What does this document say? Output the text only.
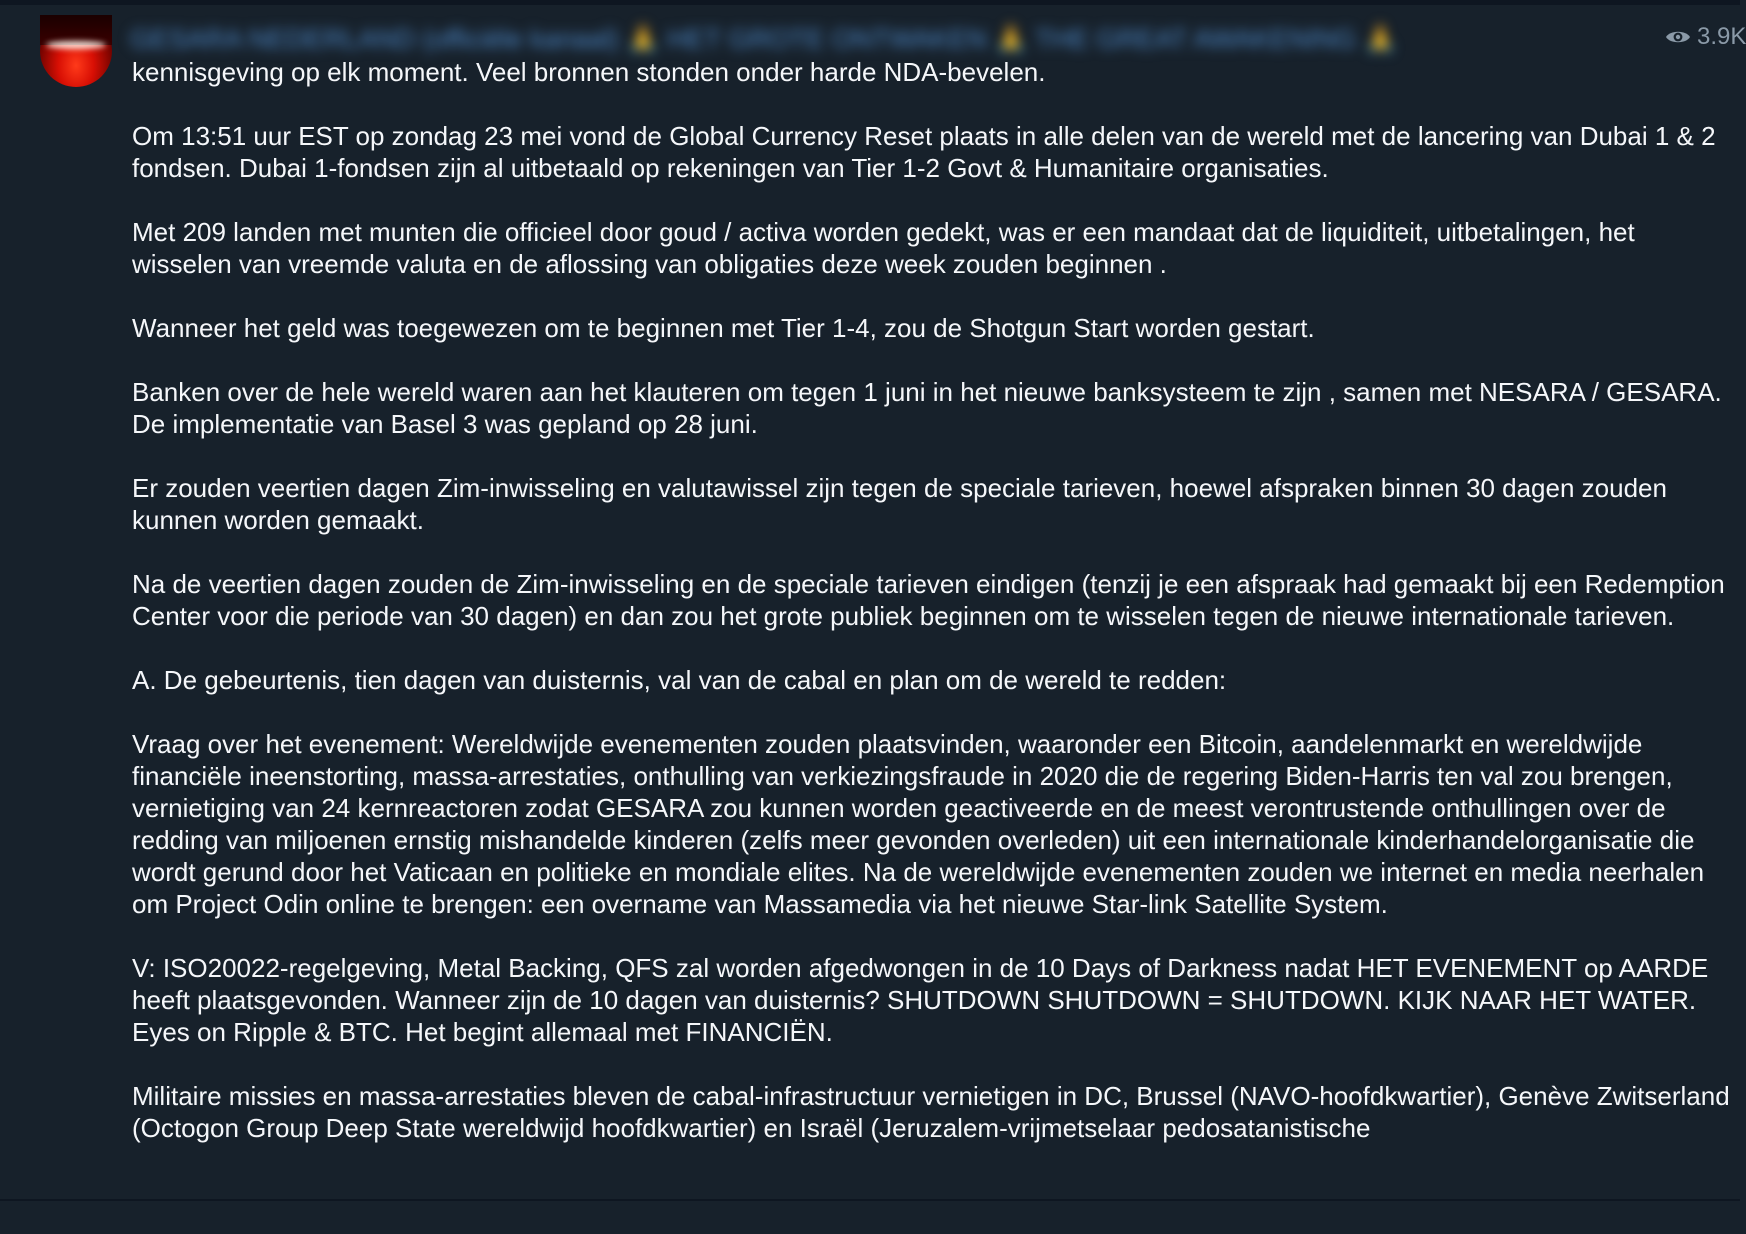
GESARA NEDERLAND (officiële kanaal) 🙏 HET GROTE ONTWAKEN 🙏 THE GREAT AWAKENING 🙏	3.9K

kennisgeving op elk moment. Veel bronnen stonden onder harde NDA-bevelen.

Om 13:51 uur EST op zondag 23 mei vond de Global Currency Reset plaats in alle delen van de wereld met de lancering van Dubai 1 & 2 fondsen. Dubai 1-fondsen zijn al uitbetaald op rekeningen van Tier 1-2 Govt & Humanitaire organisaties.

Met 209 landen met munten die officieel door goud / activa worden gedekt, was er een mandaat dat de liquiditeit, uitbetalingen, het wisselen van vreemde valuta en de aflossing van obligaties deze week zouden beginnen .

Wanneer het geld was toegewezen om te beginnen met Tier 1-4, zou de Shotgun Start worden gestart.

Banken over de hele wereld waren aan het klauteren om tegen 1 juni in het nieuwe banksysteem te zijn , samen met NESARA / GESARA. De implementatie van Basel 3 was gepland op 28 juni.

Er zouden veertien dagen Zim-inwisseling en valutawissel zijn tegen de speciale tarieven, hoewel afspraken binnen 30 dagen zouden kunnen worden gemaakt.

Na de veertien dagen zouden de Zim-inwisseling en de speciale tarieven eindigen (tenzij je een afspraak had gemaakt bij een Redemption Center voor die periode van 30 dagen) en dan zou het grote publiek beginnen om te wisselen tegen de nieuwe internationale tarieven.

A. De gebeurtenis, tien dagen van duisternis, val van de cabal en plan om de wereld te redden:

Vraag over het evenement: Wereldwijde evenementen zouden plaatsvinden, waaronder een Bitcoin, aandelenmarkt en wereldwijde financiële ineenstorting, massa-arrestaties, onthulling van verkiezingsfraude in 2020 die de regering Biden-Harris ten val zou brengen, vernietiging van 24 kernreactoren zodat GESARA zou kunnen worden geactiveerde en de meest verontrustende onthullingen over de redding van miljoenen ernstig mishandelde kinderen (zelfs meer gevonden overleden) uit een internationale kinderhandelorganisatie die wordt gerund door het Vaticaan en politieke en mondiale elites. Na de wereldwijde evenementen zouden we internet en media neerhalen om Project Odin online te brengen: een overname van Massamedia via het nieuwe Star-link Satellite System.

V: ISO20022-regelgeving, Metal Backing, QFS zal worden afgedwongen in de 10 Days of Darkness nadat HET EVENEMENT op AARDE heeft plaatsgevonden. Wanneer zijn de 10 dagen van duisternis? SHUTDOWN SHUTDOWN = SHUTDOWN. KIJK NAAR HET WATER. Eyes on Ripple & BTC. Het begint allemaal met FINANCIËN.

Militaire missies en massa-arrestaties bleven de cabal-infrastructuur vernietigen in DC, Brussel (NAVO-hoofdkwartier), Genève Zwitserland (Octogon Group Deep State wereldwijd hoofdkwartier) en Israël (Jeruzalem-vrijmetselaar pedosatanistische
